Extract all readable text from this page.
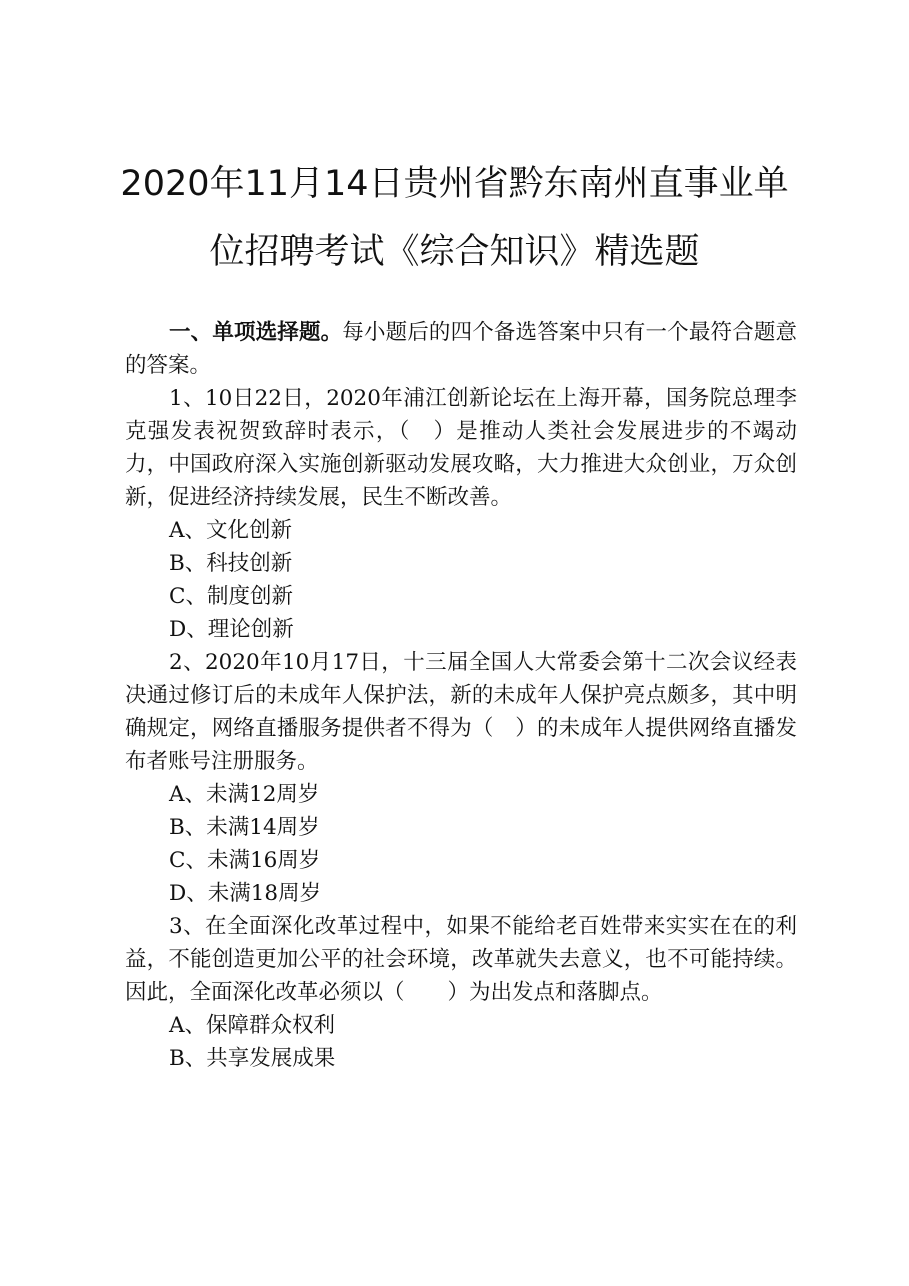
2020年11月14日贵州省黔东南州直事业单
位招聘考试《综合知识》精选题

一、单项选择题。每小题后的四个备选答案中只有一个最符合题意的答案。

1、10日22日，2020年浦江创新论坛在上海开幕，国务院总理李克强发表祝贺致辞时表示，（　）是推动人类社会发展进步的不竭动力，中国政府深入实施创新驱动发展攻略，大力推进大众创业，万众创新，促进经济持续发展，民生不断改善。

A、文化创新

B、科技创新

C、制度创新

D、理论创新

2、2020年10月17日，十三届全国人大常委会第十二次会议经表决通过修订后的未成年人保护法，新的未成年人保护亮点颇多，其中明确规定，网络直播服务提供者不得为（　）的未成年人提供网络直播发布者账号注册服务。

A、未满12周岁

B、未满14周岁

C、未满16周岁

D、未满18周岁

3、在全面深化改革过程中，如果不能给老百姓带来实实在在的利益，不能创造更加公平的社会环境，改革就失去意义，也不可能持续。因此，全面深化改革必须以（　　）为出发点和落脚点。

A、保障群众权利

B、共享发展成果
